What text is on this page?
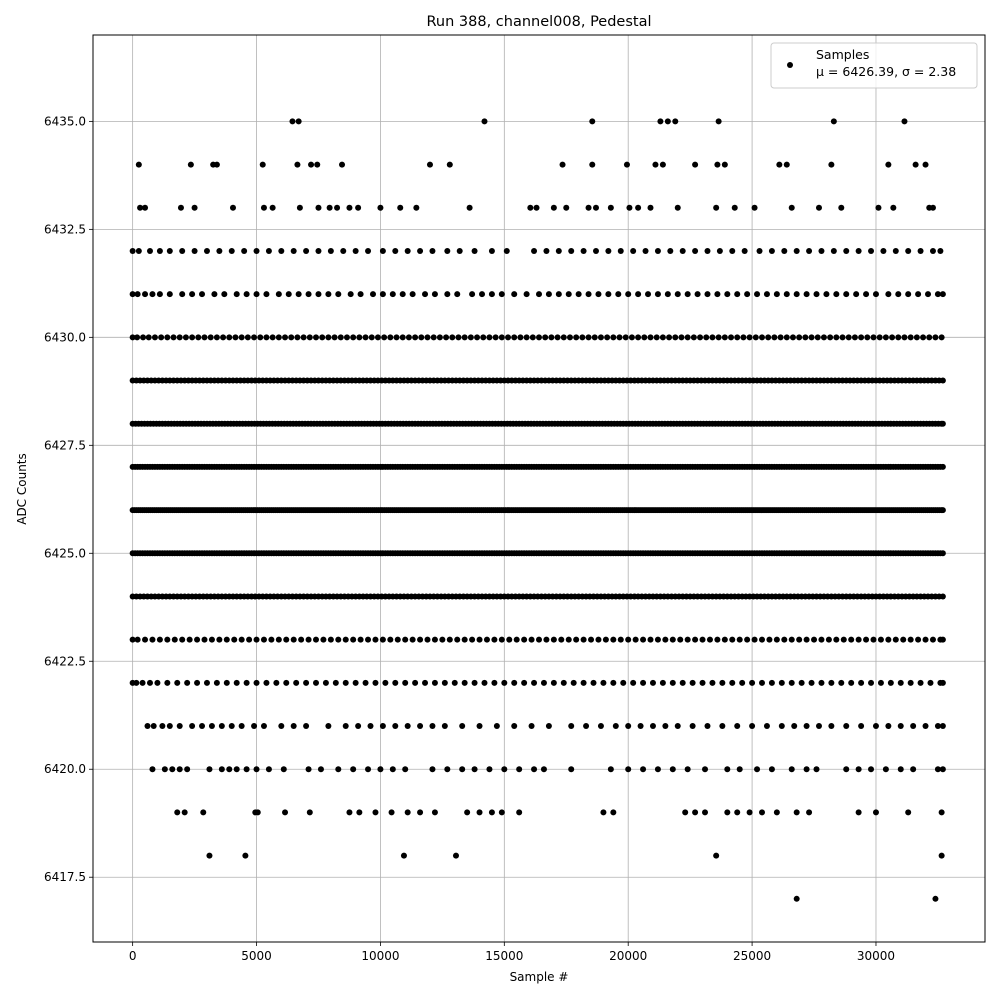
0	5000	10000	15000	20000	25000	30000
6417.5
6420.0
6422.5
6425.0
6427.5
6430.0
6432.5
6435.0
Run 388, channel008, Pedestal
Sample #
ADC Counts
Samples
μ = 6426.39, σ = 2.38
